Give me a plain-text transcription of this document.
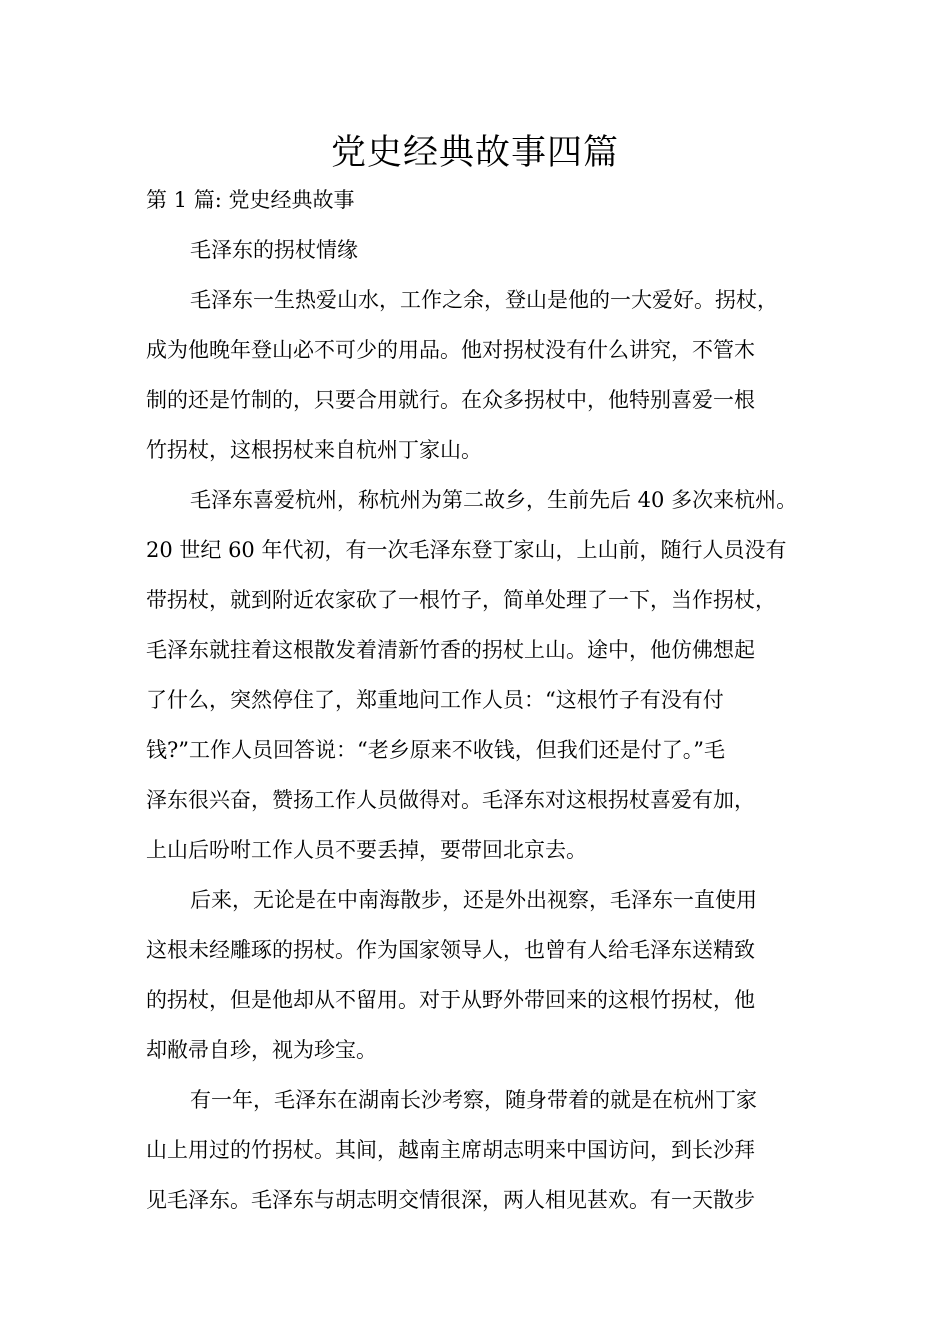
党史经典故事四篇
第 1 篇: 党史经典故事
毛泽东的拐杖情缘
毛泽东一生热爱山水，工作之余，登山是他的一大爱好。拐杖，
成为他晚年登山必不可少的用品。他对拐杖没有什么讲究，不管木
制的还是竹制的，只要合用就行。在众多拐杖中，他特别喜爱一根
竹拐杖，这根拐杖来自杭州丁家山。
毛泽东喜爱杭州，称杭州为第二故乡，生前先后 40 多次来杭州。
20 世纪 60 年代初，有一次毛泽东登丁家山，上山前，随行人员没有
带拐杖，就到附近农家砍了一根竹子，简单处理了一下，当作拐杖，
毛泽东就拄着这根散发着清新竹香的拐杖上山。途中，他仿佛想起
了什么，突然停住了，郑重地问工作人员：“这根竹子有没有付
钱?”工作人员回答说：“老乡原来不收钱，但我们还是付了。”毛
泽东很兴奋，赞扬工作人员做得对。毛泽东对这根拐杖喜爱有加，
上山后吩咐工作人员不要丢掉，要带回北京去。
后来，无论是在中南海散步，还是外出视察，毛泽东一直使用
这根未经雕琢的拐杖。作为国家领导人，也曾有人给毛泽东送精致
的拐杖，但是他却从不留用。对于从野外带回来的这根竹拐杖，他
却敝帚自珍，视为珍宝。
有一年，毛泽东在湖南长沙考察，随身带着的就是在杭州丁家
山上用过的竹拐杖。其间，越南主席胡志明来中国访问，到长沙拜
见毛泽东。毛泽东与胡志明交情很深，两人相见甚欢。有一天散步
